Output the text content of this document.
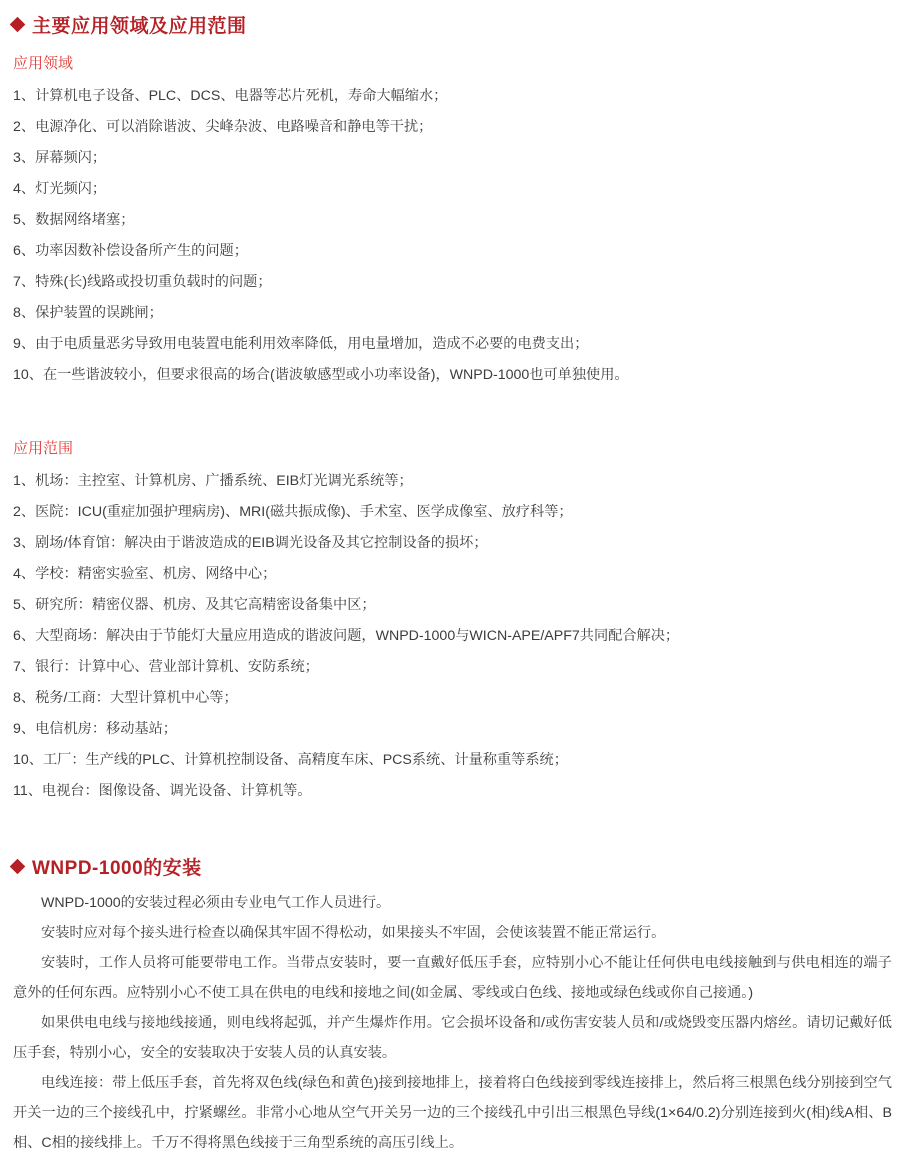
主要应用领域及应用范围
应用领域
1、计算机电子设备、PLC、DCS、电器等芯片死机，寿命大幅缩水；
2、电源净化、可以消除谐波、尖峰杂波、电路噪音和静电等干扰；
3、屏幕频闪；
4、灯光频闪；
5、数据网络堵塞；
6、功率因数补偿设备所产生的问题；
7、特殊(长)线路或投切重负载时的问题；
8、保护装置的误跳闸；
9、由于电质量恶劣导致用电装置电能利用效率降低，用电量增加，造成不必要的电费支出；
10、在一些谐波较小，但要求很高的场合(谐波敏感型或小功率设备)，WNPD-1000也可单独使用。
应用范围
1、机场：主控室、计算机房、广播系统、EIB灯光调光系统等；
2、医院：ICU(重症加强护理病房)、MRI(磁共振成像)、手术室、医学成像室、放疗科等；
3、剧场/体育馆：解决由于谐波造成的EIB调光设备及其它控制设备的损坏；
4、学校：精密实验室、机房、网络中心；
5、研究所：精密仪器、机房、及其它高精密设备集中区；
6、大型商场：解决由于节能灯大量应用造成的谐波问题，WNPD-1000与WICN-APE/APF7共同配合解决；
7、银行：计算中心、营业部计算机、安防系统；
8、税务/工商：大型计算机中心等；
9、电信机房：移动基站；
10、工厂：生产线的PLC、计算机控制设备、高精度车床、PCS系统、计量称重等系统；
11、电视台：图像设备、调光设备、计算机等。
WNPD-1000的安装

WNPD-1000的安装过程必须由专业电气工作人员进行。

安装时应对每个接头进行检查以确保其牢固不得松动，如果接头不牢固，会使该装置不能正常运行。

安装时，工作人员将可能要带电工作。当带点安装时，要一直戴好低压手套，应特别小心不能让任何供电电线接触到与供电相连的端子意外的任何东西。应特别小心不使工具在供电的电线和接地之间(如金属、零线或白色线、接地或绿色线或你自己接通。)

如果供电电线与接地线接通，则电线将起弧，并产生爆炸作用。它会损坏设备和/或伤害安装人员和/或烧毁变压器内熔丝。请切记戴好低压手套，特别小心，安全的安装取决于安装人员的认真安装。

电线连接：带上低压手套，首先将双色线(绿色和黄色)接到接地排上，接着将白色线接到零线连接排上，然后将三根黑色线分别接到空气开关一边的三个接线孔中，拧紧螺丝。非常小心地从空气开关另一边的三个接线孔中引出三根黑色导线(1×64/0.2)分别连接到火(相)线A相、B相、C相的接线排上。千万不得将黑色线接于三角型系统的高压引线上。
